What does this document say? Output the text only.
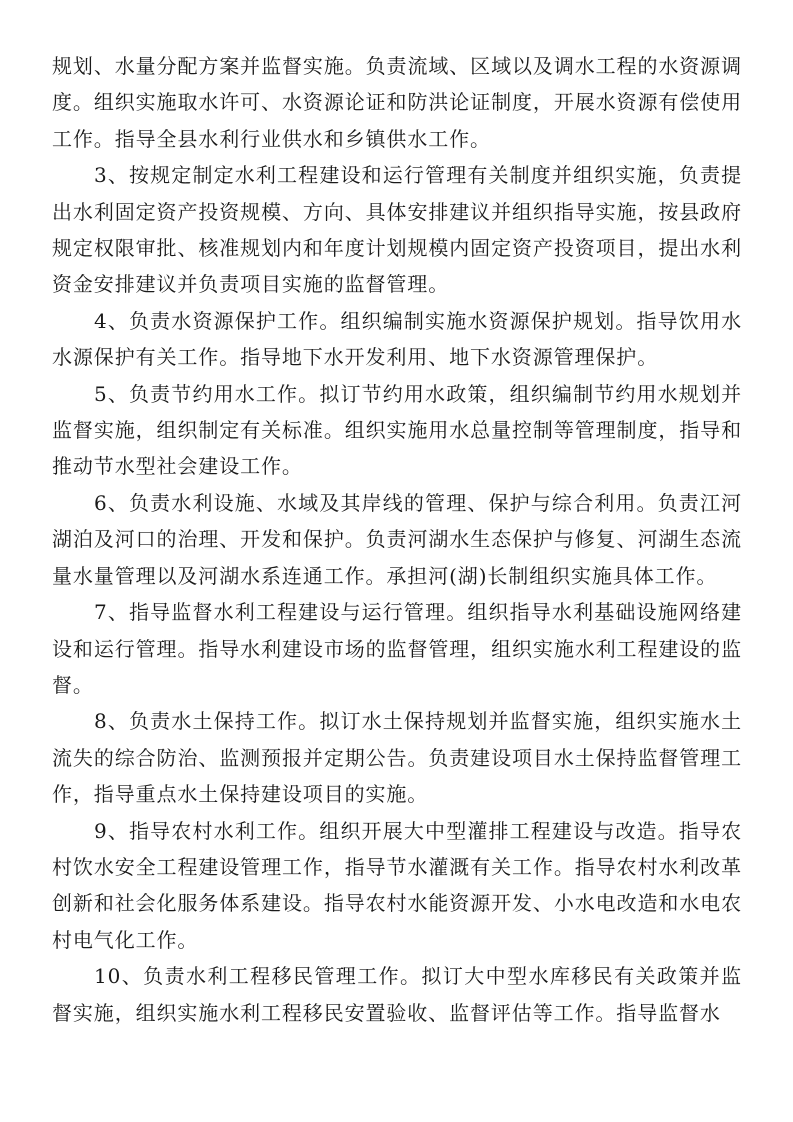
规划、水量分配方案并监督实施。负责流域、区域以及调水工程的水资源调度。组织实施取水许可、水资源论证和防洪论证制度，开展水资源有偿使用工作。指导全县水利行业供水和乡镇供水工作。

3、按规定制定水利工程建设和运行管理有关制度并组织实施，负责提出水利固定资产投资规模、方向、具体安排建议并组织指导实施，按县政府规定权限审批、核准规划内和年度计划规模内固定资产投资项目，提出水利资金安排建议并负责项目实施的监督管理。

4、负责水资源保护工作。组织编制实施水资源保护规划。指导饮用水水源保护有关工作。指导地下水开发利用、地下水资源管理保护。

5、负责节约用水工作。拟订节约用水政策，组织编制节约用水规划并监督实施，组织制定有关标准。组织实施用水总量控制等管理制度，指导和推动节水型社会建设工作。

6、负责水利设施、水域及其岸线的管理、保护与综合利用。负责江河湖泊及河口的治理、开发和保护。负责河湖水生态保护与修复、河湖生态流量水量管理以及河湖水系连通工作。承担河(湖)长制组织实施具体工作。

7、指导监督水利工程建设与运行管理。组织指导水利基础设施网络建设和运行管理。指导水利建设市场的监督管理，组织实施水利工程建设的监督。

8、负责水土保持工作。拟订水土保持规划并监督实施，组织实施水土流失的综合防治、监测预报并定期公告。负责建设项目水土保持监督管理工作，指导重点水土保持建设项目的实施。

9、指导农村水利工作。组织开展大中型灌排工程建设与改造。指导农村饮水安全工程建设管理工作，指导节水灌溉有关工作。指导农村水利改革创新和社会化服务体系建设。指导农村水能资源开发、小水电改造和水电农村电气化工作。

10、负责水利工程移民管理工作。拟订大中型水库移民有关政策并监督实施，组织实施水利工程移民安置验收、监督评估等工作。指导监督水
